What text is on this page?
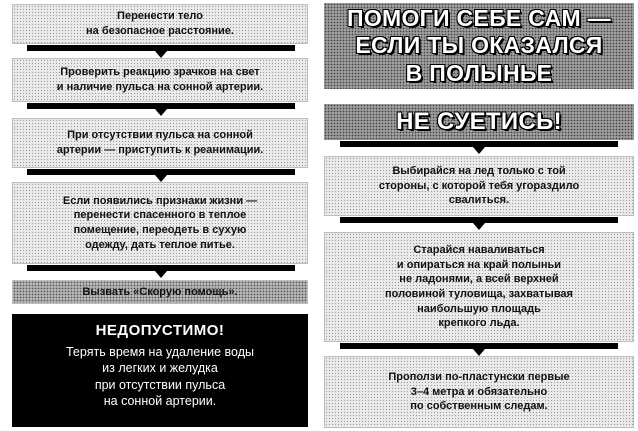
Перенести тело
на безопасное расстояние.
Проверить реакцию зрачков на свет
и наличие пульса на сонной артерии.
При отсутствии пульса на сонной
артерии — приступить к реанимации.
Если появились признаки жизни —
перенести спасенного в теплое
помещение, переодеть в сухую
одежду, дать теплое питье.
Вызвать «Скорую помощь».
НЕДОПУСТИМО!
Терять время на удаление воды
из легких и желудка
при отсутствии пульса
на сонной артерии.
ПОМОГИ СЕБЕ САМ —
ЕСЛИ ТЫ ОКАЗАЛСЯ
В ПОЛЫНЬЕ
НЕ СУЕТИСЬ!
Выбирайся на лед только с той
стороны, с которой тебя угораздило
свалиться.
Старайся наваливаться
и опираться на край полыньи
не ладонями, а всей верхней
половиной туловища, захватывая
наибольшую площадь
крепкого льда.
Проползи по-пластунски первые
3–4 метра и обязательно
по собственным следам.
